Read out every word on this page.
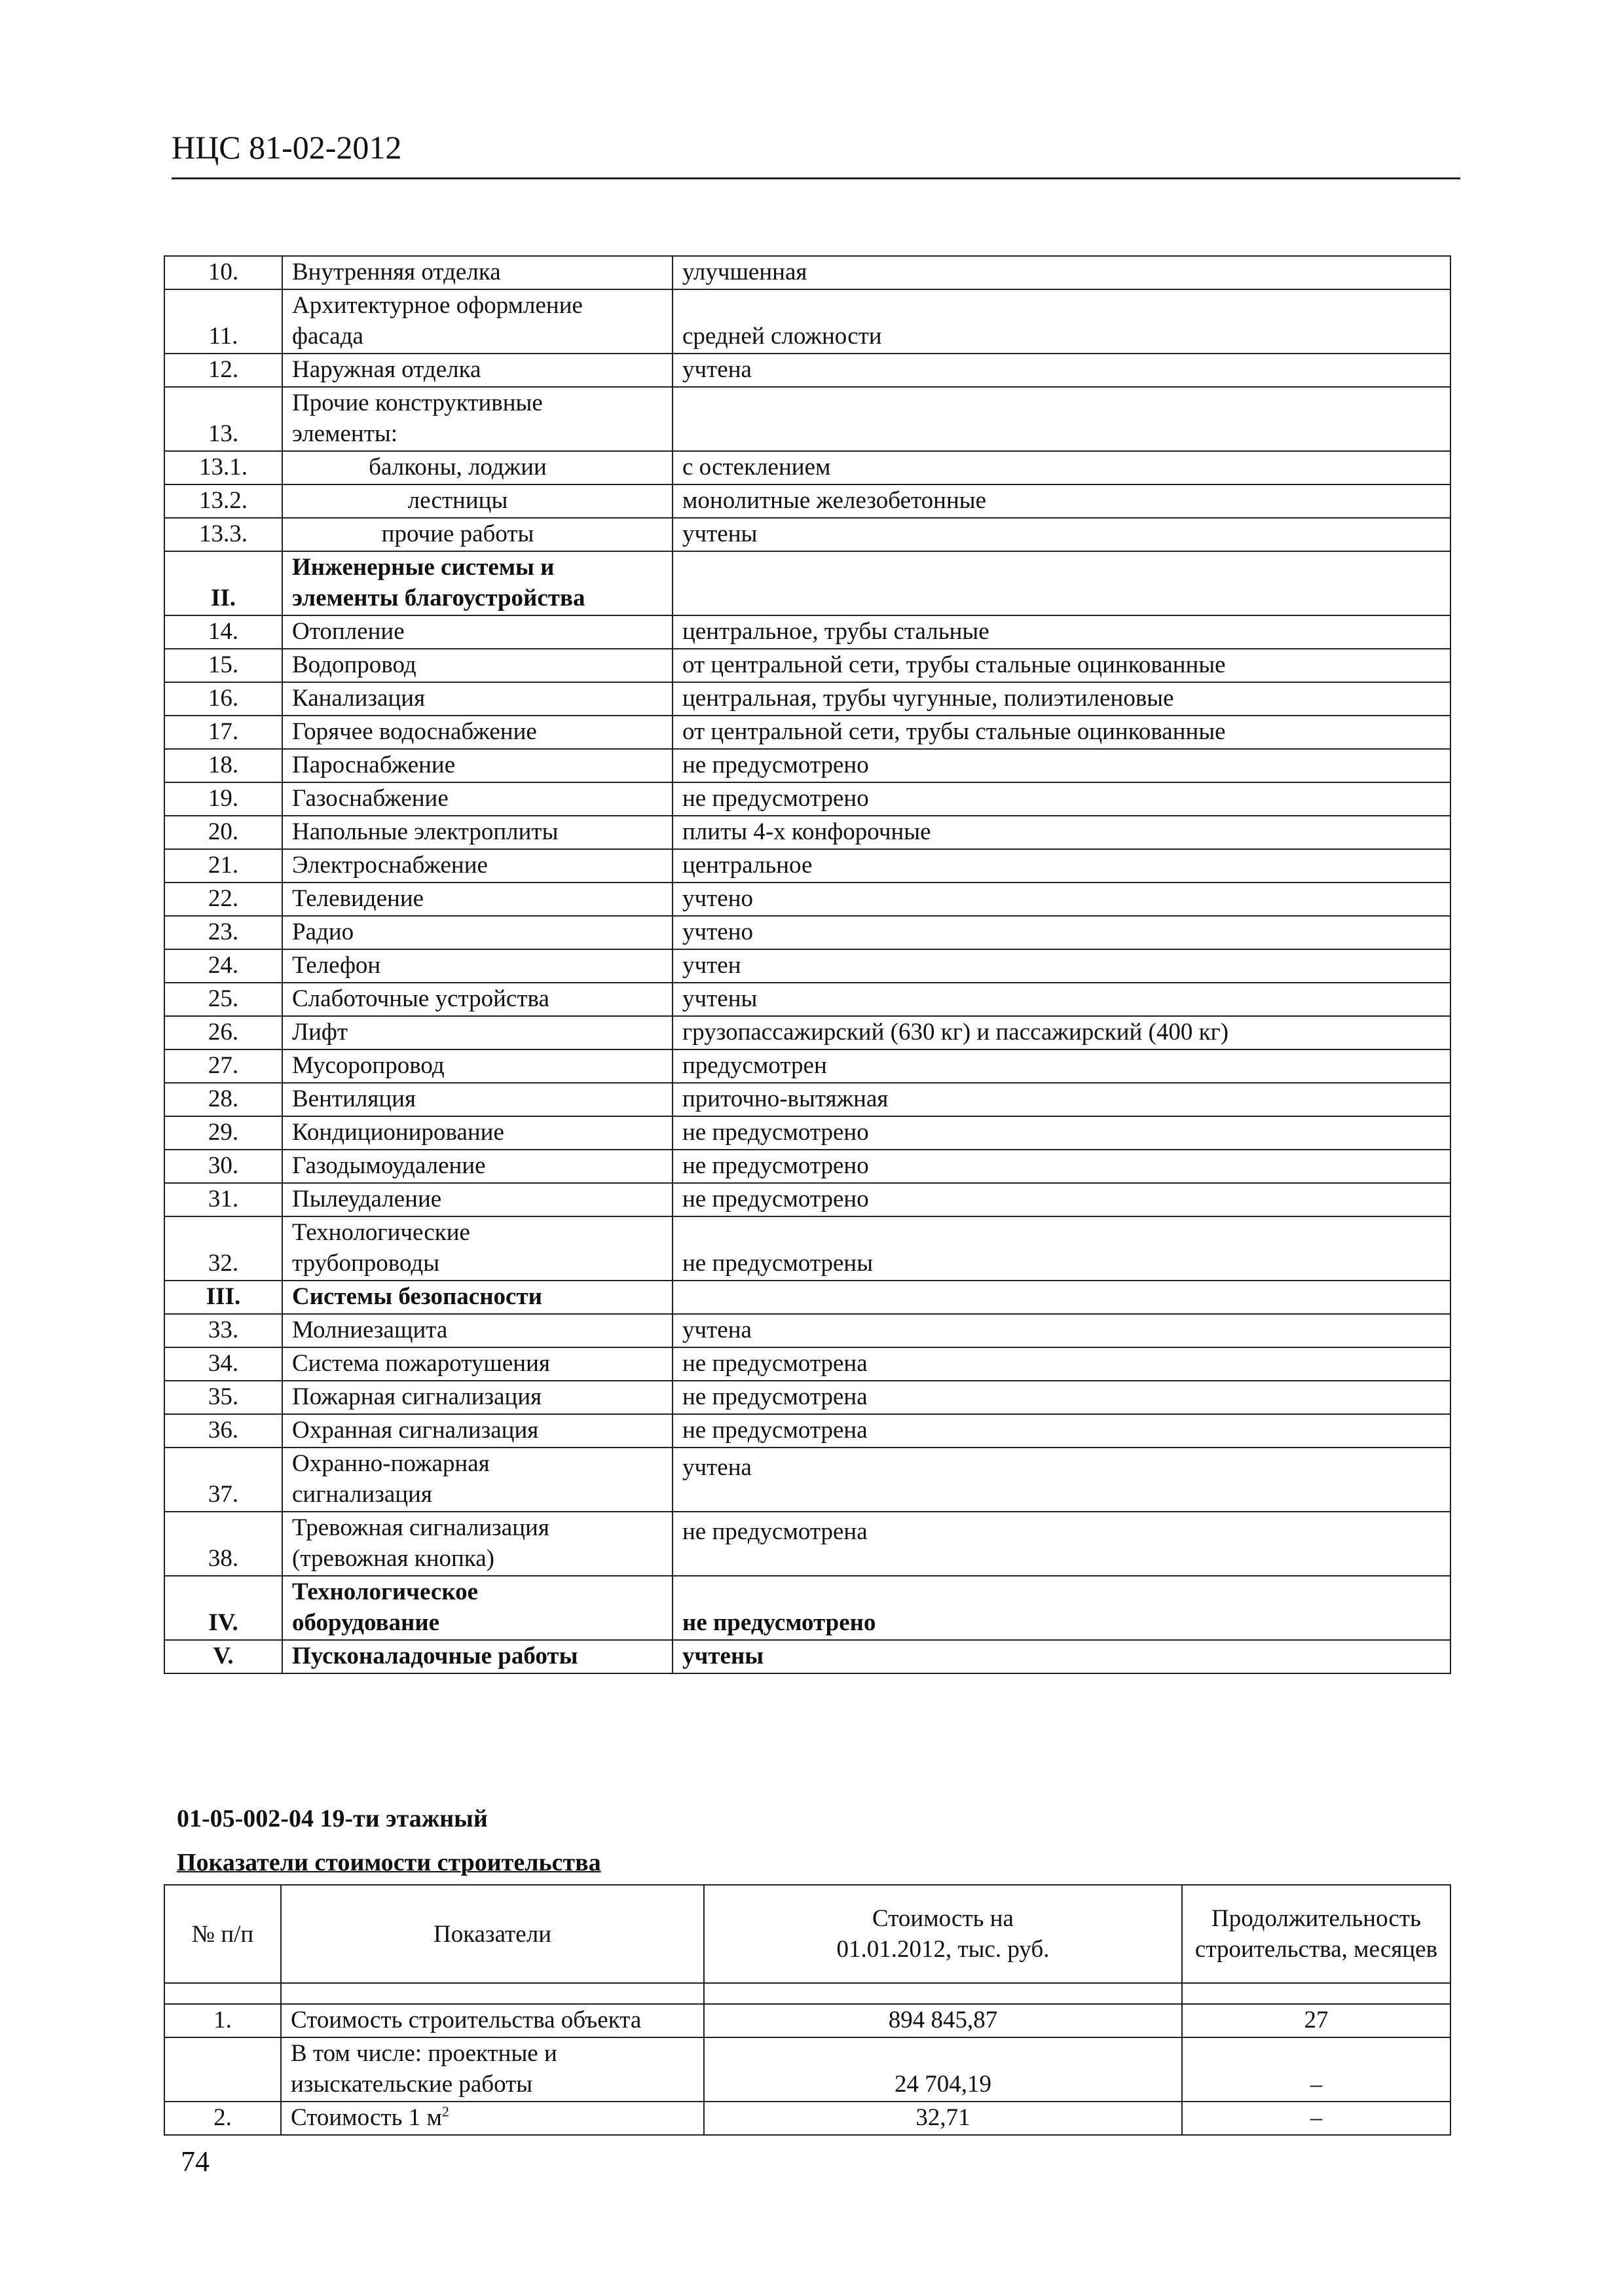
НЦС 81-02-2012
10.	Внутренняя отделка	улучшенная
11.	Архитектурное оформление
фасада	средней сложности
12.	Наружная отделка	учтена
13.	Прочие конструктивные
элементы:	

13.1.	балконы, лоджии	с остеклением
13.2.	лестницы	монолитные железобетонные
13.3.	прочие работы	учтены
II.	Инженерные системы и
элементы благоустройства	

14.	Отопление	центральное, трубы стальные
15.	Водопровод	от центральной сети, трубы стальные оцинкованные
16.	Канализация	центральная, трубы чугунные, полиэтиленовые
17.	Горячее водоснабжение	от центральной сети, трубы стальные оцинкованные
18.	Пароснабжение	не предусмотрено
19.	Газоснабжение	не предусмотрено
20.	Напольные электроплиты	плиты 4-х конфорочные
21.	Электроснабжение	центральное
22.	Телевидение	учтено
23.	Радио	учтено
24.	Телефон	учтен
25.	Слаботочные устройства	учтены
26.	Лифт	грузопассажирский (630 кг) и пассажирский (400 кг)
27.	Мусоропровод	предусмотрен
28.	Вентиляция	приточно-вытяжная
29.	Кондиционирование	не предусмотрено
30.	Газодымоудаление	не предусмотрено
31.	Пылеудаление	не предусмотрено
32.	Технологические
трубопроводы	не предусмотрены
III.	Системы безопасности	

33.	Молниезащита	учтена
34.	Система пожаротушения	не предусмотрена
35.	Пожарная сигнализация	не предусмотрена
36.	Охранная сигнализация	не предусмотрена
37.	Охранно-пожарная
сигнализация	учтена
38.	Тревожная сигнализация
(тревожная кнопка)	не предусмотрена
IV.	Технологическое
оборудование	не предусмотрено
V.	Пусконаладочные работы	учтены
01-05-002-04 19-ти этажный
Показатели стоимости строительства
№ п/п	Показатели	Стоимость на 01.01.2012, тыс. руб.	Продолжительность строительства, месяцев

1.	Стоимость строительства объекта	894 845,87	27
	В том числе: проектные и изыскательские работы	24 704,19	–
2.	Стоимость 1 $м^2$	32,71	–
74
